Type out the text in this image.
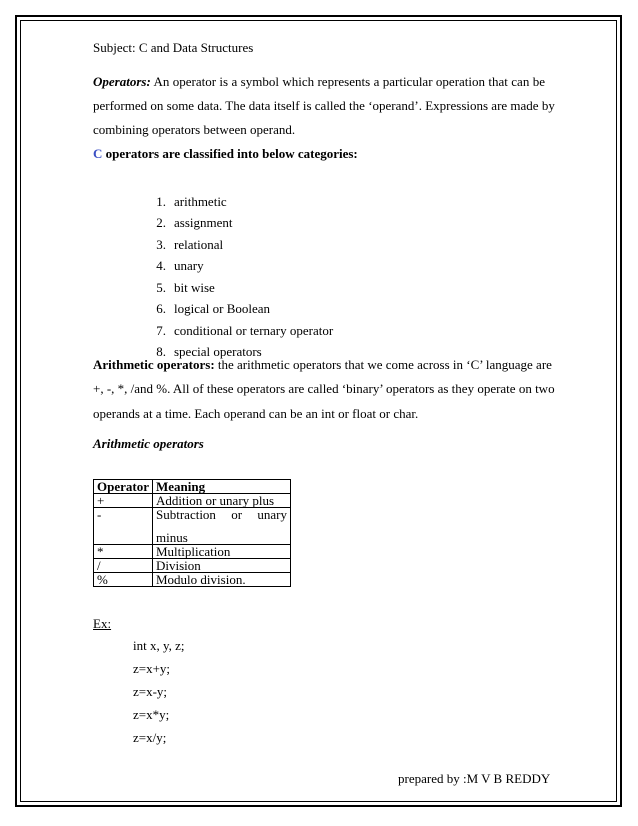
Subject: C and Data Structures
Operators: An operator is a symbol which represents a particular operation that can be
performed on some data. The data itself is called the ‘operand’. Expressions are made by
combining operators between operand.
C operators are classified into below categories:
1. arithmetic
2. assignment
3. relational
4. unary
5. bit wise
6. logical or Boolean
7. conditional or ternary operator
8. special operators
Arithmetic operators: the arithmetic operators that we come across in ‘C’ language are
+, -, *, /and %. All of these operators are called ‘binary’ operators as they operate on two
operands at a time. Each operand can be an int or float or char.
Arithmetic operators
Operator	Meaning
+	Addition or unary plus
-	Subtraction or unary
minus

*	Multiplication
/	Division
%	Modulo division.
Ex:
int x, y, z;
z=x+y;
z=x-y;
z=x*y;
z=x/y;
prepared by :M V B REDDY
